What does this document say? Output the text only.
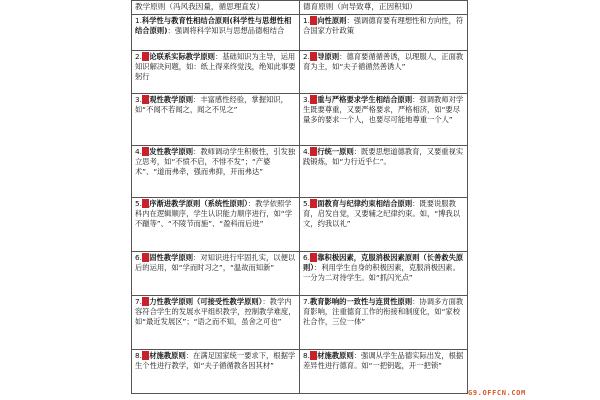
教学原则（冯风我因量，循思理直发）	德育原则（向导致尊，正因积知）
1.科学性与教育性相结合原则(科学性与思想性相结合原则)：强调将科学知识与思想品德相结合	1.导向性原则：强调德育要有理想性和方向性，符合国家方针政策
2.理论联系实际教学原则：基础知识为主导，运用知识解决问题，如：纸上得来终觉浅，绝知此事要躬行	2.疏导原则：德育要循循善诱，以理服人，正面教育为主，如“夫子循循然善诱人”
3.直观性教学原则：丰富感性经验，掌握知识，如“不闻不若闻之，闻之不见之”	3.尊重与严格要求学生相结合原则：强调教师对学生既要尊重，又要严格要求，严格相济，如“要尽量多的要求一个人，也要尽可能地尊重一个人”
4.启发性教学原则：教师调动学生积极性，引发独立思考，如“不愤不启，不悱不发”；“产婆术”、“道而弗牵，强而弗抑，开而弗达”	4.知行统一原则：既要思想道德教育，又要重视实践锻炼，如“力行近乎仁”。
5.循序渐进教学原则（系统性原则）：教学依照学科内在逻辑顺序，学生认识能力顺序进行，如“学不躐等”、“不陵节而施”、“盈科而后进”	5.正面教育与纪律约束相结合原则：既要说服教育，启发自觉，又要辅之纪律约束。如，“博我以文，约我以礼”
6.巩固性教学原则：对知识进行牢固扎实，以便以后的运用，如“学而时习之”，“温故而知新”	6.依靠积极因素，克服消极因素原则（长善救失原则）：利用学生自身的积极因素，克服消极因素。一分为二对待学生。如“抓闪光点”
7.量力性教学原则（可接受性教学原则）：教学内容符合学生的发展水平组织教学，控制教学难度，如“最近发展区”；“语之而不知，虽舍之可也”	7.教育影响的一致性与连贯性原则：协调多方面教育影响，注重德育工作的衔接和制度化，如“家校社合作，三位一体”
8.因材施教原则：在满足国家统一要求下，根据学生个性进行教学，如“夫子循循教各因其材”	8.因材施教原则：强调从学生品德实际出发，根据差异性进行德育。如“一把钥匙，开一把锁”
G9.OFFCN.COM
